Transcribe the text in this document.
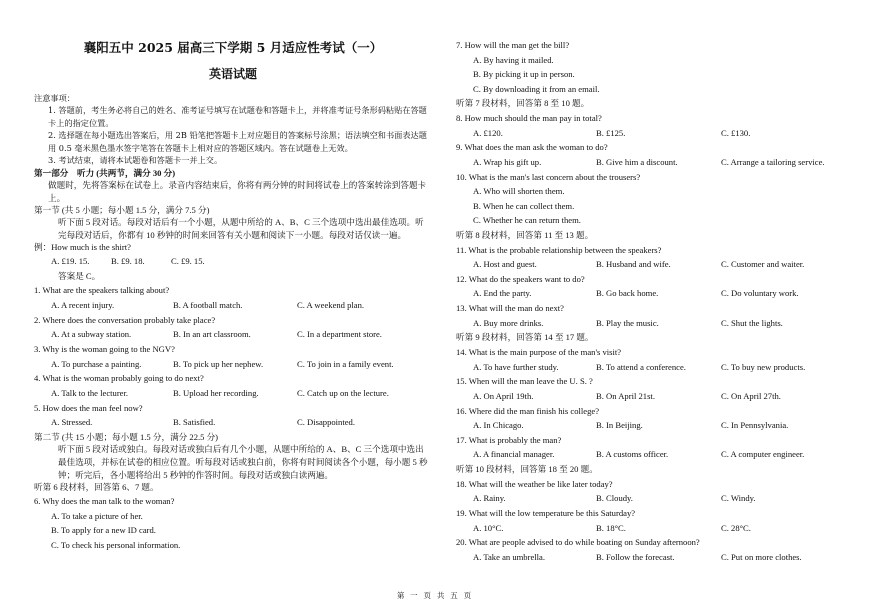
襄阳五中 2025 届高三下学期 5 月适应性考试（一）
英语试题
注意事项：
1. 答题前，考生务必将自己的姓名、准考证号填写在试题卷和答题卡上，并将准考证号条形码粘贴在答题卡上的指定位置。
2. 选择题在每小题选出答案后，用 2B 铅笔把答题卡上对应题目的答案标号涂黑；语法填空和书面表达题用 0.5 毫米黑色墨水签字笔答在答题卡上相对应的答题区域内。答在试题卷上无效。
3. 考试结束，请将本试题卷和答题卡一并上交。
第一部分　听力 (共两节，满分 30 分)
做题时，先将答案标在试卷上。录音内容结束后，你将有两分钟的时间将试卷上的答案转涂到答题卡上。
第一节 (共 5 小题；每小题 1.5 分，满分 7.5 分)
听下面 5 段对话。每段对话后有一个小题，从题中所给的 A、B、C 三个选项中选出最佳选项。听完每段对话后，你都有 10 秒钟的时间来回答有关小题和阅读下一小题。每段对话仅读一遍。
例：How much is the shirt?
A. £19. 15.	B. £9. 18.	C. £9. 15.
答案是 C。
1. What are the speakers talking about?
A. A recent injury.	B. A football match.	C. A weekend plan.
2. Where does the conversation probably take place?
A. At a subway station.	B. In an art classroom.	C. In a department store.
3. Why is the woman going to the NGV?
A. To purchase a painting.	B. To pick up her nephew.	C. To join in a family event.
4. What is the woman probably going to do next?
A. Talk to the lecturer.	B. Upload her recording.	C. Catch up on the lecture.
5. How does the man feel now?
A. Stressed.	B. Satisfied.	C. Disappointed.
第二节 (共 15 小题；每小题 1.5 分，满分 22.5 分)
听下面 5 段对话或独白。每段对话或独白后有几个小题，从题中所给的 A、B、C 三个选项中选出最佳选项，并标在试卷的相应位置。听每段对话或独白前，你将有时间阅读各个小题，每小题 5 秒钟；听完后，各小题将给出 5 秒钟的作答时间。每段对话或独白读两遍。
听第 6 段材料，回答第 6、7 题。
6. Why does the man talk to the woman?
A. To take a picture of her.
B. To apply for a new ID card.
C. To check his personal information.
7. How will the man get the bill?
A. By having it mailed.
B. By picking it up in person.
C. By downloading it from an email.
听第 7 段材料，回答第 8 至 10 题。
8. How much should the man pay in total?
A. £120.	B. £125.	C. £130.
9. What does the man ask the woman to do?
A. Wrap his gift up.	B. Give him a discount.	C. Arrange a tailoring service.
10. What is the man's last concern about the trousers?
A. Who will shorten them.
B. When he can collect them.
C. Whether he can return them.
听第 8 段材料，回答第 11 至 13 题。
11. What is the probable relationship between the speakers?
A. Host and guest.	B. Husband and wife.	C. Customer and waiter.
12. What do the speakers want to do?
A. End the party.	B. Go back home.	C. Do voluntary work.
13. What will the man do next?
A. Buy more drinks.	B. Play the music.	C. Shut the lights.
听第 9 段材料，回答第 14 至 17 题。
14. What is the main purpose of the man's visit?
A. To have further study.	B. To attend a conference.	C. To buy new products.
15. When will the man leave the U. S. ?
A. On April 19th.	B. On April 21st.	C. On April 27th.
16. Where did the man finish his college?
A. In Chicago.	B. In Beijing.	C. In Pennsylvania.
17. What is probably the man?
A. A financial manager.	B. A customs officer.	C. A computer engineer.
听第 10 段材料，回答第 18 至 20 题。
18. What will the weather be like later today?
A. Rainy.	B. Cloudy.	C. Windy.
19. What will the low temperature be this Saturday?
A. 10°C.	B. 18°C.	C. 28°C.
20. What are people advised to do while boating on Sunday afternoon?
A. Take an umbrella.	B. Follow the forecast.	C. Put on more clothes.
第 一 页 共 五 页
